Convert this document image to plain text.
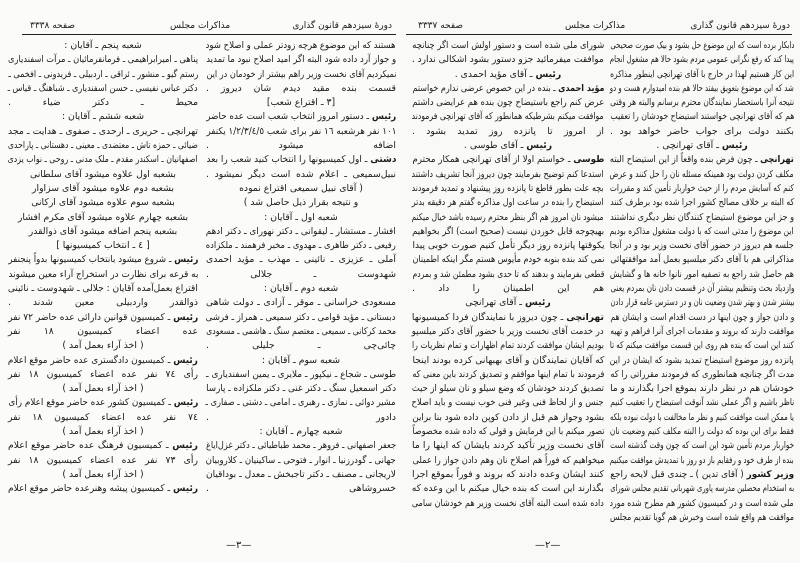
دورهٔ سیزدهم قانون گذاری
مذاکرات مجلس
صفحه ٣٣٣٨
هستند که این موضوع هرچه زودتر عملی و اصلاح شود
و جواز آرد داده شود البته اگر امید اصلاح نبود ما تمدید
نمیکردیم آقای نخست وزیر راهم بیشتر از خودمان در این
قسمت بنده مقید دیدم شان دیروز .
[٣ ـ اقتراع شعب]
رئیس ـ دستور امروز انتخاب شعب است عده حاضر
١٠١ نفر هرشعبه ١٦ نفر برای شعب ١/٢/٣/٤/٥ یکنفر
اضافه میشود .
دشتی ـ اول کمیسیونها را انتخاب کنید شعب را بعد
نبیل‌سمیعی ـ اعلام شده است دیگر نمیشود .
( آقای نبیل سمیعی اقتراع نموده
و نتیجه بقرار ذیل حاصل شد )
شعبه اول ـ آقایان :
افشار ـ مستشار ـ لیقوانی ـ دکتر نهورای ـ دکتر ادهم
رفیعی ـ دکتر طاهری ـ مهدوی ـ مخبر فرهمند ـ ملکزاده
آملی ـ عزیزی ـ نائینی ـ مهذب ـ مؤید احمدی
شهدوست ـ جلالی .
شعبه دوم ـ آقایان :
مسعودی خراسانی ـ موقر ـ آزادی ـ دولت شاهی
دبستانی ـ مؤید قوامی ـ دکتر سمیعی ـ همراز ـ فرشی
محمد کرکانی ـ سمیعی ـ معتصم سنگ ـ هاشمی ـ مسعودی
چائی‌چی ـ جلیلی .
شعبه سوم ـ آقایان :
طوسی ـ شجاع ـ نیکپور ـ ملایری ـ یمین اسفندیاری ـ
دکتر اسمعیل سنگ ـ دکتر غنی ـ دکتر ملکزاده ـ پارسا
مشیر دوائی ـ نمازی ـ رهبری ـ امامی ـ دشتی ـ صفاری ـ
دادور .
شعبه چهارم ـ آقایان :
جعفر اصفهانی ـ فروهر ـ محمد طباطبائی ـ دکتر غزل‌ایاغ
جهانی ـ گودرزنیا ـ انوار ـ فتوحی ـ ساکینیان ـ کلاروبیان
لاریجانی ـ مصنف ـ دکتر تاجبخش ـ معدل ـ بوداقیان
خسروشاهی .
شعبه پنجم ـ آقایان :
پناهی ـ امیرابراهیمی ـ فرمانفرمائیان ـ مرآت اسفندیاری
رستم گیو ـ منشور ـ ئراقی ـ اردبیلی ـ فریدونی ـ افخمی ـ
دکتر عباس نفیسی ـ حسن اسفندیاری ـ شباهنگ ـ قیاس ـ
محیط ـ دکتر ضیاء .
شعبه ششم ـ آقایان :
تهرانچی ـ حریری ـ ارحدی ـ صفوی ـ هدایت ـ مجد
ضیائی ـ حمزه تاش ـ معتضدی ـ معینی ـ دهستانی ـ پاراحدی
اصفهانیان ـ اسکندر مقدم ـ ملک مدنی ـ روحی ـ نواب یزدی
بشعبه اول علاوه میشود آقای سلطانی
بشعبه دوم علاوه میشود آقای سزاوار
بشعبه سوم علاوه میشود آقای ارکانی
بشعبه چهارم علاوه میشود آقای مکرم افشار
بشعبه پنجم اضافه میشود آقای ذوالقدر
[ ٤ ـ انتخاب کمیسیونها ]
رئیس ـ شروع میشود بانتخاب کمیسیونها بدواً پنجنفر
به قرعه برای نظارت در استخراج آراء معین میشوند
اقتراع بعمل‌آمده آقایان : جلالی ـ شهدوست ـ نائینی
ذوالقدر واردبیلی معین شدند .
رئیس ـ کمیسیون قوانین دارائی عده حاضر ٧٢ نفر
عده اعضاء کمیسیون ١٨ نفر
( اخذ آراء بعمل آمد )
رئیس ـ کمیسیون دادگستری عده حاضر موقع اعلام
رأی ٧٤ نفر عده اعضاء کمیسیون ١٨ نفر
( اخذ آراء بعمل آمد )
رئیس ـ کمیسیون کشور عده حاضر موقع اعلام رأی
٧٤ نفر عده اعضاء کمیسیون ١٨ نفر
( اخذ آراء بعمل آمد )
رئیس ـ کمیسیون فرهنگ عده حاضر موقع اعلام
رأی ٧٣ نفر عده اعضاء کمیسیون ١٨ نفر
( اخذ آراء بعمل آمد )
رئیس ـ کمیسیون پیشه وهنرعده حاضر موقع اعلام
—٣—
دورهٔ سیزدهم قانون گذاری
مذاکرات مجلس
صفحه ٣٣٣٧
شورای ملی شده است و دستور اولش است اگر چنانچه
موافقت میفرمائید جزو دستور بشود اشکالی ندارد .
رئیس ـ آقای مؤید احمدی .
مؤید احمدی ـ بنده در این خصوص عرضی ندارم خواستم
عرض کنم راجع باستیضاح چون بنده هم عرایضی داشتم
موافقت میکنم بشرطیکه همانطور که آقای تهرانچی فرمودند
از امروز تا پانزده روز تمدید بشود .
رئیس ـ آقای طوسی .
طوسی ـ خواستم اولا از آقای تهرانچی همکار محترم
استدعا کنم توضیح بفرمایند چون دیروز آنجا تشریف داشتند
بچه علت بطور قاطع تا پانزده روز پیشنهاد و تمدید فرمودند
استیضاح را بنده در ساعت اول مذاکره گفتم هر دقیقه بدتر
میشود نان امروز هم اگر بنظر محترم رسیده باشد خیال میکنم
بهیچوجه قابل خوردن نیست (صحیح است) اگر بخواهیم
یکوقتها پانزده روز دیگر تأمل کنیم صورت خوبی پیدا
نمی کند بنده بنوبه خودم مأیوس هستم مگر اینکه اطمینان
قطعی بفرمایند و بدهند که تا حدی بشود مطمئن شد و بمردم
هم این اطمینان را داد .
رئیس ـ آقای تهرانچی
تهرانچی ـ چون دیروز با نمایندگان فردا کمیسیونها
در خدمت آقای نخست وزیر با حضور آقای دکتر میلسپو
بودیم ایشان موافقت کردند تمام اظهارات و تمام نظریات را
که آقایان نمایندگان و آقای بهبهانی کرده بودند اینجا
فرمودند با تمام اینها موافقم و تصدیق کردند باین معنی که
تصدیق کردند خودشان که وضع سیلو و نان سیلو از حیث
جنس و از لحاظ فنی وغیر فنی خوب نیست و باید اصلاح
بشود وجواز هم قبل از دادن کوپن داده شود بنا براین
تصور میکنم با این فرمایش و قولی که داده شده مخصوصاً
آقای نخست وزیر تأکید کردند بایشان که اینها را ما
میخواهیم که فوراً هم اصلاح نان وهم دادن جواز را عملی
کنند ایشان وعده دادند که بروند و فوراً بموقع اجرا
بگذارند این است که بنده خیال میکنم با این وعده که
داده شده است البته آقای نخست وزیر هم خودشان سامی
دابکار برده است که این موضوع حل بشود و بیک صورت صحیحی
پیدا کند که رفع نگرانی عمومی مردم بشود حالا هم مشغول انجام
این کار هستیم لهذا در خارج با آقای تهرانچی اینطور مذاکره
شد که این موضوع بتعویق بیفتد حالا هم بنده امیدوارم هست و دو
نتیجه آنرا باستحضار نمایندگان محترم برسانم والبته هر وقتی
هم که آقای تهرانچی خواستند استیضاح خودشان را تعقیب
بکنند دولت برای جواب حاضر خواهد بود .
رئیس ـ آقای تهرانچی .
تهرانچی ـ چون فرض بنده واقعاً از این استیضاح البته
مکلف کردن دولت بود همینکه مسئله نان را حل کنند و عرض
کنم که آسایش مردم را از حیث خواربار تأمین کند و مقررات
که البته بر خلاف مصالح کشور اجرا شده بود برطرف کنند
و جز این موضوع استیضاح کنندگان نظر دیگری نداشتند
این موضوع را مدتی است که با دولت مشغول مذاکره بودیم
جلسه هم دیروز در حضور آقای نخست وزیر بود و در آنجا
مذاکراتی هم با آقای دکتر میلسپو بعمل آمد موافقتهائی
هم حاصل شد راجع به تصفیه امور نانوا خانه ها و گشایش
وازدیاد بحث وتنظیم بیشتر آن در قسمت دادن نان بمردم یعنی
بیشتر شدن و بهتر شدن وضعیت نان و در دسترس عامه قرار دادن
و دادن جواز و چون اینها در دست اقدام است و ایشان هم
موافقت دارند که بروند و مقدمات اجرای آنرا فراهم و تهیه
کنند این است که بنده هم روی این قسمت موافقت میکنم که تا
پانزده روز موضوع استیضاح تمدید بشود که ایشان در این
مدت اگر چنانچه همانطوری که فرمودند مقرراتی را که
خودشان هم در نظر دارند بموقع اجرا بگذارند و ما
ناظر باشیم و اگر عملی نشد آنوقت استیضاح را تعقیب کنیم
یا ممکن است موافقت کنیم و نظر ما مخالفت با دولت نبوده بلکه
فقط برای این بوده که دولت را البته مکلف کنیم وضعیت نان
خواربار مردم تأمین شود این است که چون وقت گذشته است
بنده از طرف خود و رفقایم باز دو روز با تمدیدش موافقت میکنیم
وزیر کشور ( آقای تدین ) ـ چندی قبل لایحه راجع
به استخدام محصلین مدرسه پاوری شهربانی تقدیم مجلس شورای
ملی شده است و در کمیسیون کشور هم مطرح شده مورد
موافقت هم واقع شده است وخبرش هم گویا تقدیم مجلس
—٢—
